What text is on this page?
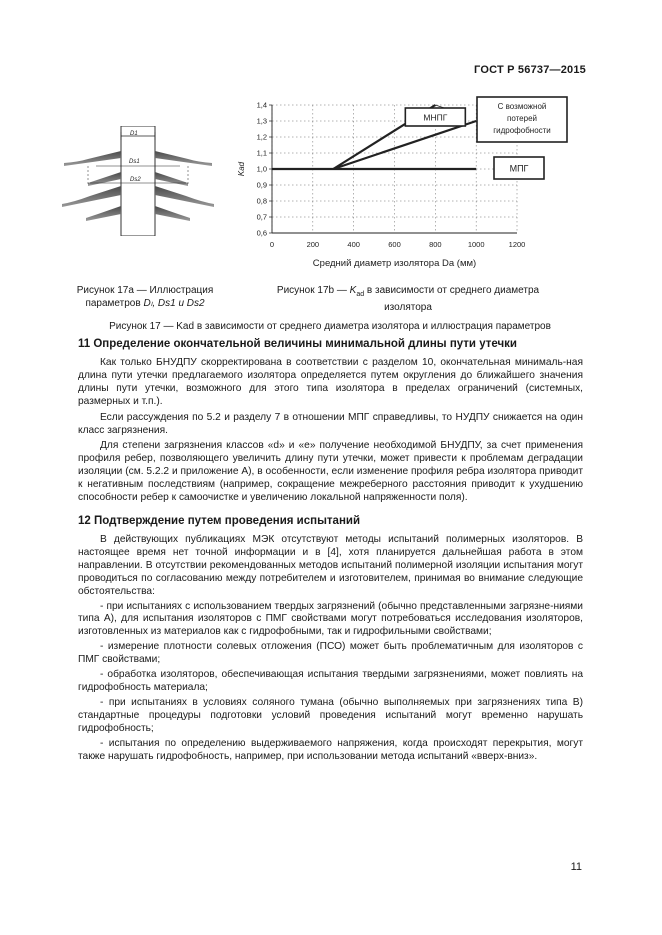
ГОСТ Р 56737—2015
D1
Ds1
Ds2
0	200	400	600	800	1000	1200
0,6
0,7
0,8
0,9
1,0
1,1
1,2
1,3
1,4
Средний диаметр изолятора Da (мм)
Kad
МНПГ
С возможной
потерей
гидрофобности
МПГ
Рисунок 17а — Иллюстрация
параметров Dₗ, Ds1 и Ds2
Рисунок 17b — $K_{ad}$ в зависимости от среднего диаметра
изолятора
Рисунок 17 — Kad в зависимости от среднего диаметра изолятора и иллюстрация параметров
11 Определение окончательной величины минимальной длины пути утечки

Как только БНУДПУ скорректирована в соответствии с разделом 10, окончательная минималь-ная длина пути утечки предлагаемого изолятора определяется путем округления до ближайшего значения длины пути утечки, возможного для этого типа изолятора в пределах ограничений (системных, размерных и т.п.).

Если рассуждения по 5.2 и разделу 7 в отношении МПГ справедливы, то НУДПУ снижается на один класс загрязнения.

Для степени загрязнения классов «d» и «е» получение необходимой БНУДПУ, за счет применения профиля ребер, позволяющего увеличить длину пути утечки, может привести к проблемам деградации изоляции (см. 5.2.2 и приложение А), в особенности, если изменение профиля ребра изолятора приводит к негативным последствиям (например, сокращение межреберного расстояния приводит к ухудшению способности ребер к самоочистке и увеличению локальной напряженности поля).

12 Подтверждение путем проведения испытаний

В действующих публикациях МЭК отсутствуют методы испытаний полимерных изоляторов. В настоящее время нет точной информации и в [4], хотя планируется дальнейшая работа в этом направлении. В отсутствии рекомендованных методов испытаний полимерной изоляции испытания могут проводиться по согласованию между потребителем и изготовителем, принимая во внимание следующие обстоятельства:

- при испытаниях с использованием твердых загрязнений (обычно представленными загрязне-ниями типа А), для испытания изоляторов с ПМГ свойствами могут потребоваться исследования изоляторов, изготовленных из материалов как с гидрофобными, так и гидрофильными свойствами;

- измерение плотности солевых отложения (ПСО) может быть проблематичным для изоляторов с ПМГ свойствами;

- обработка изоляторов, обеспечивающая испытания твердыми загрязнениями, может повлиять на гидрофобность материала;

- при испытаниях в условиях соляного тумана (обычно выполняемых при загрязнениях типа В) стандартные процедуры подготовки условий проведения испытаний могут временно нарушать гидрофобность;

- испытания по определению выдерживаемого напряжения, когда происходят перекрытия, могут также нарушать гидрофобность, например, при использовании метода испытаний «вверх-вниз».

11
